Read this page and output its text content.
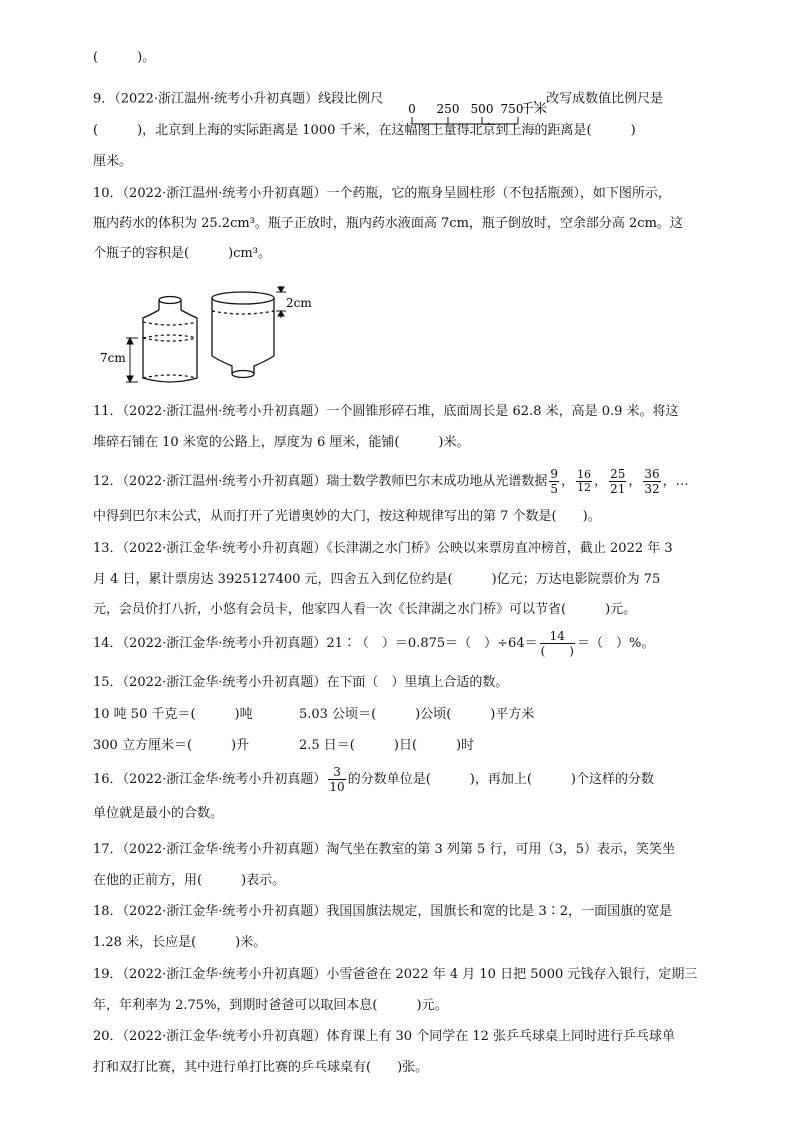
(　　　)。
9．（2022·浙江温州·统考小升初真题）线段比例尺

0 250 500 750
千米

，改写成数值比例尺是
(　　　)，北京到上海的实际距离是 1000 千米，在这幅图上量得北京到上海的距离是(　　　)
厘米。
10．（2022·浙江温州·统考小升初真题）一个药瓶，它的瓶身呈圆柱形（不包括瓶颈），如下图所示，
瓶内药水的体积为 25.2cm³。瓶子正放时，瓶内药水液面高 7cm，瓶子倒放时，空余部分高 2cm。这
个瓶子的容积是(　　　)cm³。
7cm
2cm
11．（2022·浙江温州·统考小升初真题）一个圆锥形碎石堆，底面周长是 62.8 米，高是 0.9 米。将这
堆碎石铺在 10 米宽的公路上，厚度为 6 厘米，能铺(　　　)米。
12．（2022·浙江温州·统考小升初真题）瑞士数学教师巴尔末成功地从光谱数据 $\frac{9}{5}$ ， $\frac{16}{12}$ ， $\frac{25}{21}$ ， $\frac{36}{32}$ ，…
中得到巴尔末公式，从而打开了光谱奥妙的大门，按这种规律写出的第 7 个数是(　　)。
13．（2022·浙江金华·统考小升初真题）《长津湖之水门桥》公映以来票房直冲榜首，截止 2022 年 3
月 4 日，累计票房达 3925127400 元，四舍五入到亿位约是(　　　)亿元；万达电影院票价为 75
元，会员价打八折，小悠有会员卡，他家四人看一次《长津湖之水门桥》可以节省(　　　)元。
14．（2022·浙江金华·统考小升初真题）21∶（　）＝0.875＝（　）$\div 64= \frac{14}{( )}$ ＝（　）%。
15．（2022·浙江金华·统考小升初真题）在下面（　）里填上合适的数。
10 吨 50 千克＝(　　　)吨	5.03 公顷＝(　　　)公顷(　　　)平方米
300 立方厘米＝(　　　)升	2.5 日＝(　　　)日(　　　)时
16．（2022·浙江金华·统考小升初真题） $\frac{3}{10}$ 的分数单位是(　　　)，再加上(　　　)个这样的分数
单位就是最小的合数。
17．（2022·浙江金华·统考小升初真题）淘气坐在教室的第 3 列第 5 行，可用（3，5）表示，笑笑坐
在他的正前方，用(　　　)表示。
18．（2022·浙江金华·统考小升初真题）我国国旗法规定，国旗长和宽的比是 3∶2，一面国旗的宽是
1.28 米，长应是(　　　)米。
19．（2022·浙江金华·统考小升初真题）小雪爸爸在 2022 年 4 月 10 日把 5000 元钱存入银行，定期三
年，年利率为 2.75%，到期时爸爸可以取回本息(　　　)元。
20．（2022·浙江金华·统考小升初真题）体育课上有 30 个同学在 12 张乒乓球桌上同时进行乒乓球单
打和双打比赛，其中进行单打比赛的乒乓球桌有(　　)张。
